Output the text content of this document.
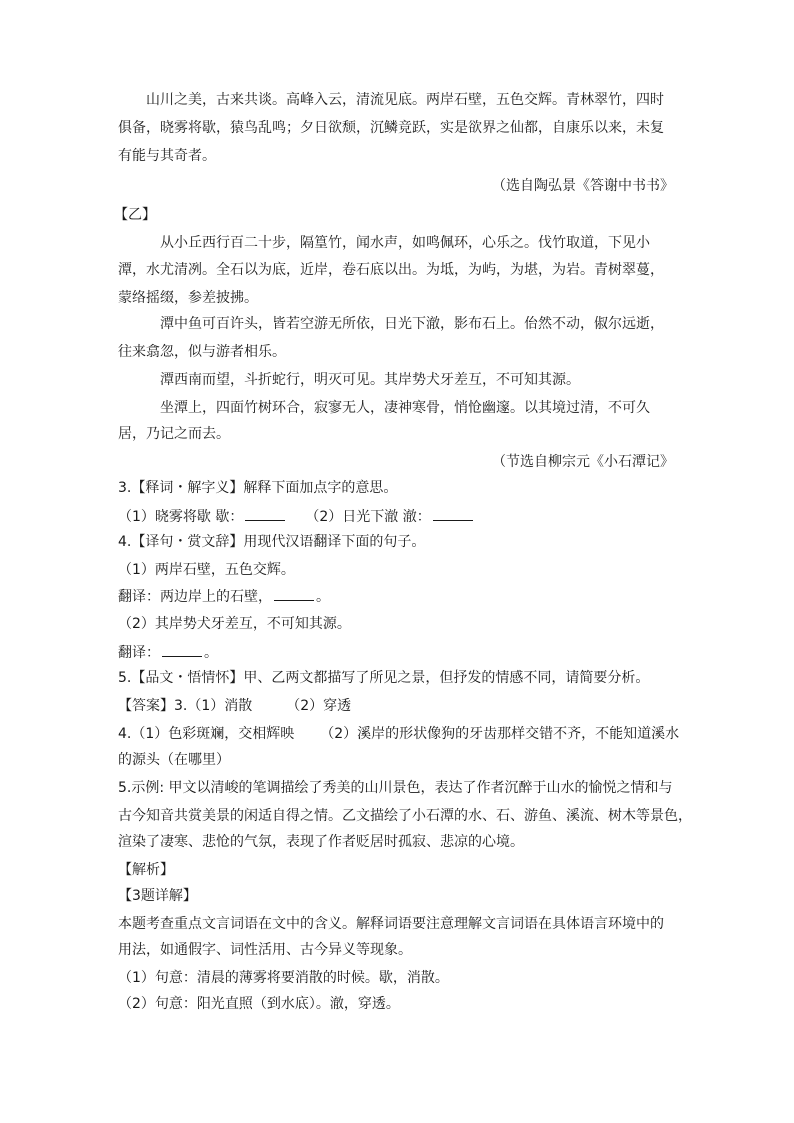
山川之美，古来共谈。高峰入云，清流见底。两岸石壁，五色交辉。青林翠竹，四时
俱备，晓雾将歇，猿鸟乱鸣；夕日欲颓，沉鳞竞跃，实是欲界之仙都，自康乐以来，未复
有能与其奇者。
（选自陶弘景《答谢中书书》
【乙】
从小丘西行百二十步，隔篁竹，闻水声，如鸣佩环，心乐之。伐竹取道，下见小
潭，水尤清冽。全石以为底，近岸，卷石底以出。为坻，为屿，为堪，为岩。青树翠蔓，
蒙络摇缀，参差披拂。
潭中鱼可百许头，皆若空游无所依，日光下澈，影布石上。佁然不动，俶尔远逝，
往来翕忽，似与游者相乐。
潭西南而望，斗折蛇行，明灭可见。其岸势犬牙差互，不可知其源。
坐潭上，四面竹树环合，寂寥无人，凄神寒骨，悄怆幽邃。以其境过清，不可久
居，乃记之而去。
（节选自柳宗元《小石潭记》
3.【释词・解字义】解释下面加点字的意思。
（1）晓雾将歇 歇：	（2）日光下澈 澈：
4.【译句・赏文辞】用现代汉语翻译下面的句子。
（1）两岸石壁，五色交辉。
翻译：两边岸上的石壁，	。
（2）其岸势犬牙差互，不可知其源。
翻译：	。
5.【品文・悟情怀】甲、乙两文都描写了所见之景，但抒发的情感不同，请简要分析。
【答案】3.（1）消散 （2）穿透
4.（1）色彩斑斓，交相辉映 （2）溪岸的形状像狗的牙齿那样交错不齐，不能知道溪水
的源头（在哪里）
5.示例: 甲文以清峻的笔调描绘了秀美的山川景色，表达了作者沉醉于山水的愉悦之情和与
古今知音共赏美景的闲适自得之情。乙文描绘了小石潭的水、石、游鱼、溪流、树木等景色，
渲染了凄寒、悲怆的气氛，表现了作者贬居时孤寂、悲凉的心境。
【解析】
【3题详解】
本题考查重点文言词语在文中的含义。解释词语要注意理解文言词语在具体语言环境中的
用法，如通假字、词性活用、古今异义等现象。
（1）句意：清晨的薄雾将要消散的时候。歇，消散。
（2）句意：阳光直照（到水底）。澈，穿透。
